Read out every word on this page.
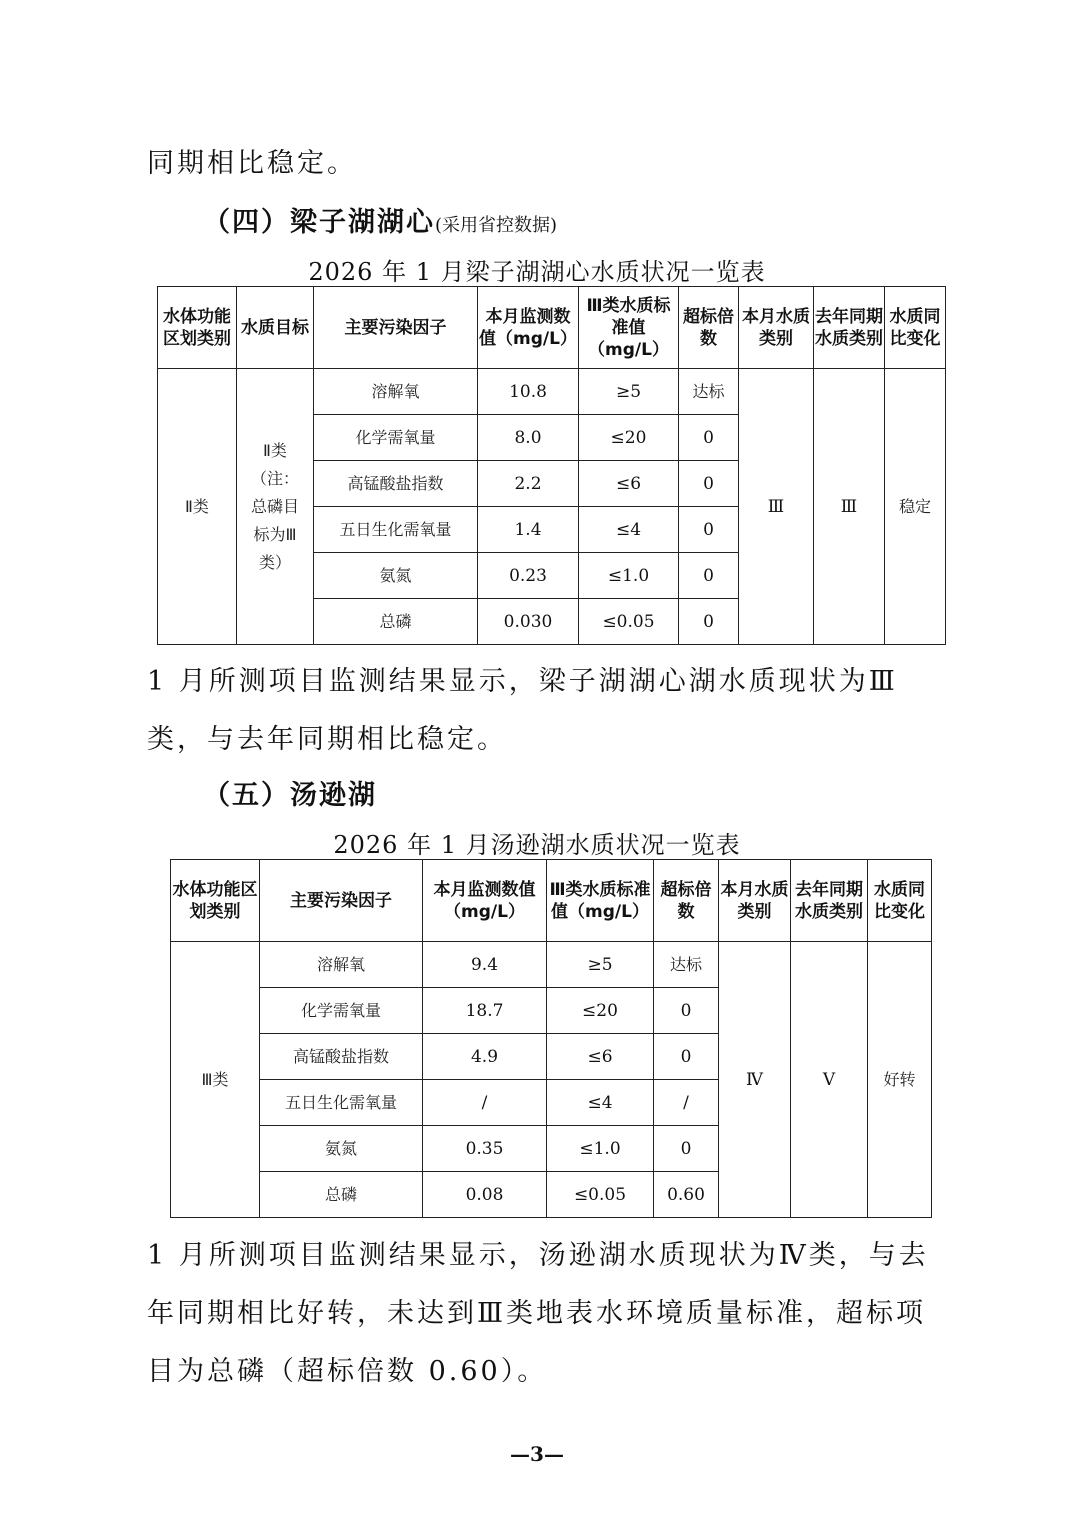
同期相比稳定。

（四）梁子湖湖心(采用省控数据)

2026 年 1 月梁子湖湖心水质状况一览表

水体功能区划类别	水质目标	主要污染因子	本月监测数值（mg/L）	Ⅲ类水质标准值（mg/L）	超标倍数	本月水质类别	去年同期水质类别	水质同比变化
Ⅱ类	Ⅱ类（注：总磷目标为Ⅲ类）	溶解氧	10.8	≥5	达标	Ⅲ	Ⅲ	稳定
		化学需氧量	8.0	≤20	0			
		高锰酸盐指数	2.2	≤6	0			
		五日生化需氧量	1.4	≤4	0			
		氨氮	0.23	≤1.0	0			
		总磷	0.030	≤0.05	0			

1 月所测项目监测结果显示，梁子湖湖心湖水质现状为Ⅲ类，与去年同期相比稳定。

（五）汤逊湖

2026 年 1 月汤逊湖水质状况一览表

水体功能区划类别	主要污染因子	本月监测数值（mg/L）	Ⅲ类水质标准值（mg/L）	超标倍数	本月水质类别	去年同期水质类别	水质同比变化
Ⅲ类	溶解氧	9.4	≥5	达标	Ⅳ	Ⅴ	好转
	化学需氧量	18.7	≤20	0			
	高锰酸盐指数	4.9	≤6	0			
	五日生化需氧量	/	≤4	/			
	氨氮	0.35	≤1.0	0			
	总磷	0.08	≤0.05	0.60			

1 月所测项目监测结果显示，汤逊湖水质现状为Ⅳ类，与去年同期相比好转，未达到Ⅲ类地表水环境质量标准，超标项目为总磷（超标倍数 0.60）。

—3—
